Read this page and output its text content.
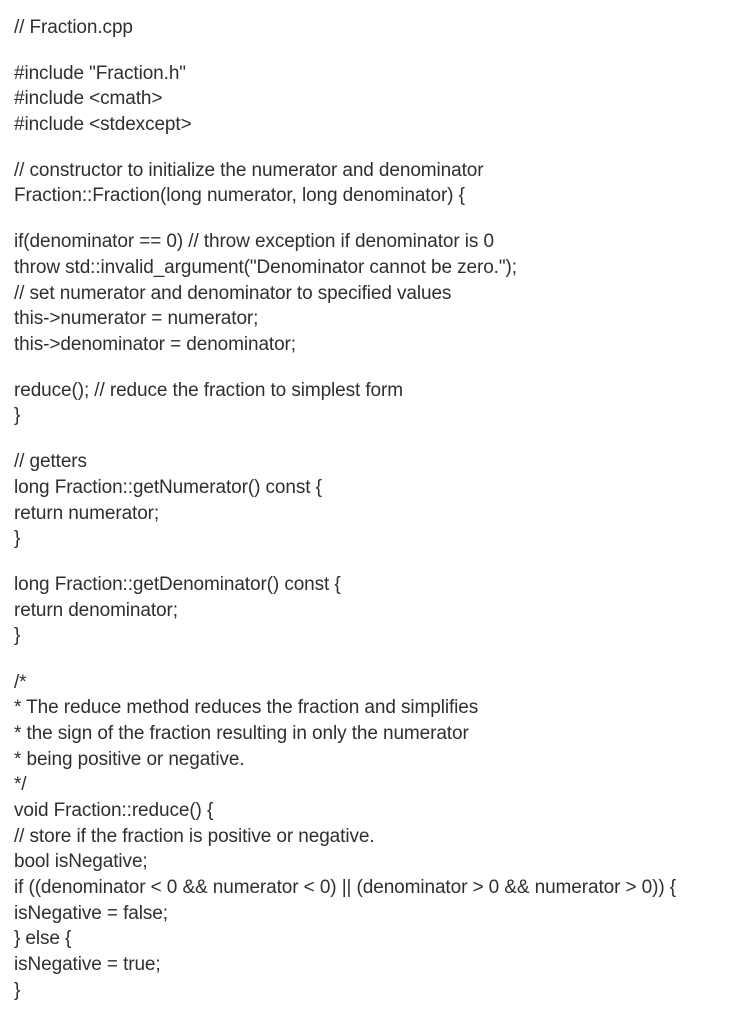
// Fraction.cpp
#include "Fraction.h"
#include <cmath>
#include <stdexcept>
// constructor to initialize the numerator and denominator
Fraction::Fraction(long numerator, long denominator) {
if(denominator == 0) // throw exception if denominator is 0
throw std::invalid_argument("Denominator cannot be zero.");
// set numerator and denominator to specified values
this->numerator = numerator;
this->denominator = denominator;
reduce(); // reduce the fraction to simplest form
}
// getters
long Fraction::getNumerator() const {
return numerator;
}
long Fraction::getDenominator() const {
return denominator;
}
/*
* The reduce method reduces the fraction and simplifies
* the sign of the fraction resulting in only the numerator
* being positive or negative.
*/
void Fraction::reduce() {
// store if the fraction is positive or negative.
bool isNegative;
if ((denominator < 0 && numerator < 0) || (denominator > 0 && numerator > 0)) {
isNegative = false;
} else {
isNegative = true;
}
